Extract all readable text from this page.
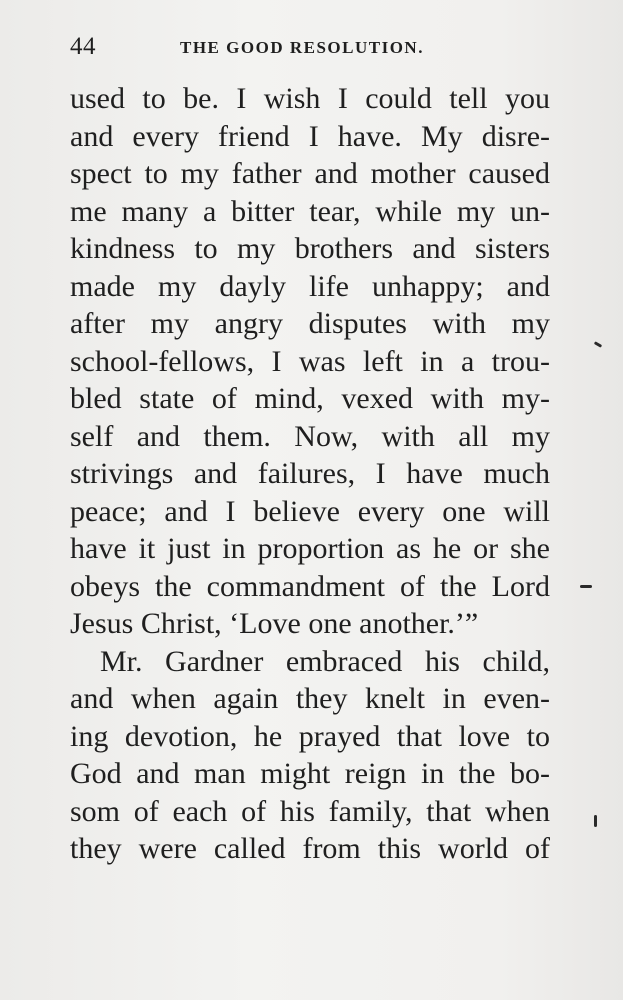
44	THE GOOD RESOLUTION.
used to be. I wish I could tell you
and every friend I have. My disre-
spect to my father and mother caused
me many a bitter tear, while my un-
kindness to my brothers and sisters
made my dayly life unhappy; and
after my angry disputes with my
school-fellows, I was left in a trou-
bled state of mind, vexed with my-
self and them. Now, with all my
strivings and failures, I have much
peace; and I believe every one will
have it just in proportion as he or she
obeys the commandment of the Lord
Jesus Christ, ‘Love one another.’”
Mr. Gardner embraced his child,
and when again they knelt in even-
ing devotion, he prayed that love to
God and man might reign in the bo-
som of each of his family, that when
they were called from this world of
